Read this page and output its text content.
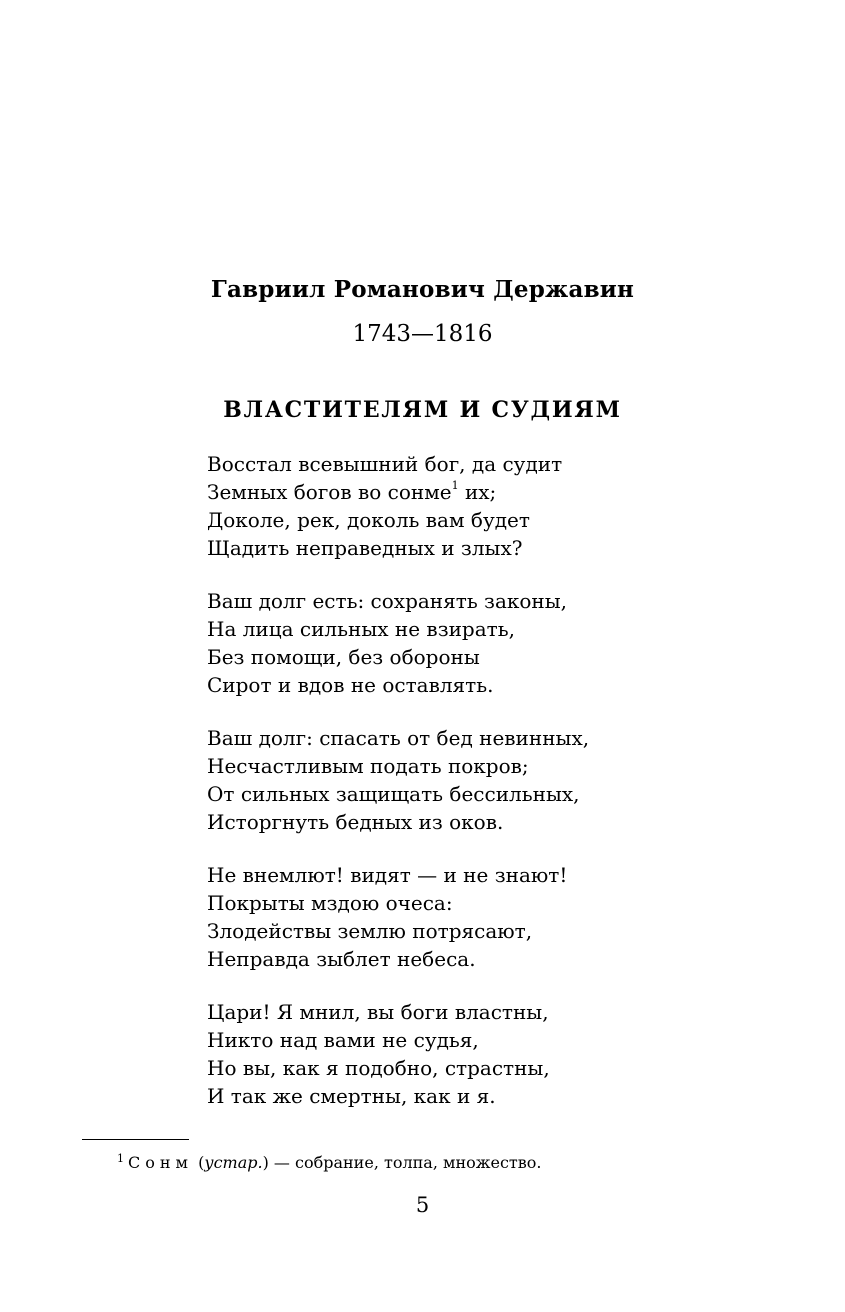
Гавриил Романович Державин
1743—1816
ВЛАСТИТЕЛЯМ И СУДИЯМ
Восстал всевышний бог, да судит
Земных богов во сонме$^1$ их;
Доколе, рек, доколь вам будет
Щадить неправедных и злых?
Ваш долг есть: сохранять законы,
На лица сильных не взирать,
Без помощи, без обороны
Сирот и вдов не оставлять.
Ваш долг: спасать от бед невинных,
Несчастливым подать покров;
От сильных защищать бессильных,
Исторгнуть бедных из оков.
Не внемлют! видят — и не знают!
Покрыты мздою очеса:
Злодействы землю потрясают,
Неправда зыблет небеса.
Цари! Я мнил, вы боги властны,
Никто над вами не судья,
Но вы, как я подобно, страстны,
И так же смертны, как и я.

$^1$ Сонм (устар.) — собрание, толпа, множество.

5
